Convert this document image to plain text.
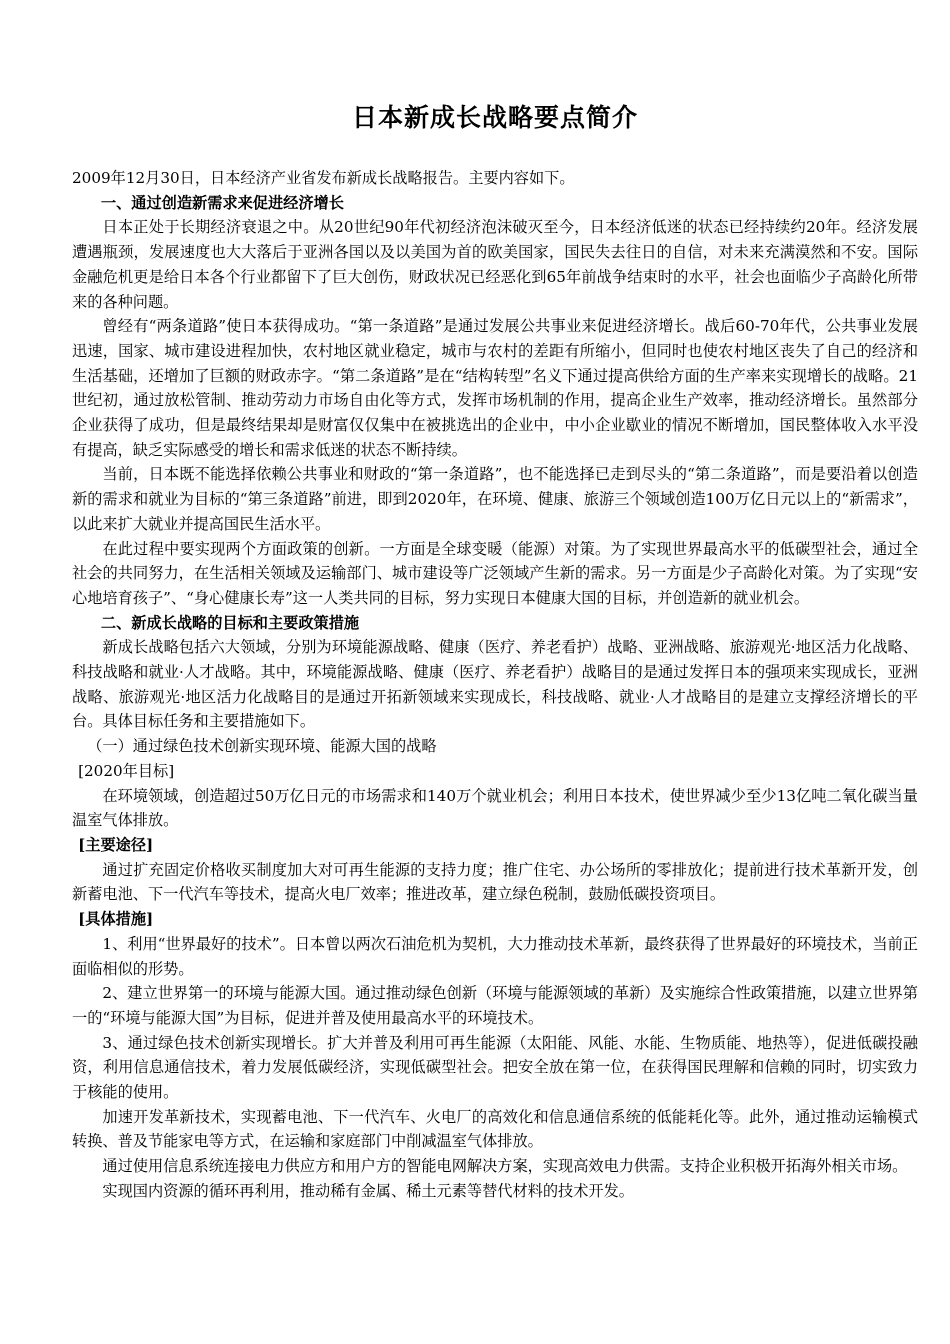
日本新成长战略要点简介

2009年12月30日，日本经济产业省发布新成长战略报告。主要内容如下。

一、通过创造新需求来促进经济增长

日本正处于长期经济衰退之中。从20世纪90年代初经济泡沫破灭至今，日本经济低迷的状态已经持续约20年。经济发展遭遇瓶颈，发展速度也大大落后于亚洲各国以及以美国为首的欧美国家，国民失去往日的自信，对未来充满漠然和不安。国际金融危机更是给日本各个行业都留下了巨大创伤，财政状况已经恶化到65年前战争结束时的水平，社会也面临少子高龄化所带来的各种问题。

曾经有“两条道路”使日本获得成功。“第一条道路”是通过发展公共事业来促进经济增长。战后60-70年代，公共事业发展迅速，国家、城市建设进程加快，农村地区就业稳定，城市与农村的差距有所缩小，但同时也使农村地区丧失了自己的经济和生活基础，还增加了巨额的财政赤字。“第二条道路”是在“结构转型”名义下通过提高供给方面的生产率来实现增长的战略。21世纪初，通过放松管制、推动劳动力市场自由化等方式，发挥市场机制的作用，提高企业生产效率，推动经济增长。虽然部分企业获得了成功，但是最终结果却是财富仅仅集中在被挑选出的企业中，中小企业歇业的情况不断增加，国民整体收入水平没有提高，缺乏实际感受的增长和需求低迷的状态不断持续。

当前，日本既不能选择依赖公共事业和财政的“第一条道路”，也不能选择已走到尽头的“第二条道路”，而是要沿着以创造新的需求和就业为目标的“第三条道路”前进，即到2020年，在环境、健康、旅游三个领域创造100万亿日元以上的“新需求”，以此来扩大就业并提高国民生活水平。

在此过程中要实现两个方面政策的创新。一方面是全球变暖（能源）对策。为了实现世界最高水平的低碳型社会，通过全社会的共同努力，在生活相关领域及运输部门、城市建设等广泛领域产生新的需求。另一方面是少子高龄化对策。为了实现“安心地培育孩子”、“身心健康长寿”这一人类共同的目标，努力实现日本健康大国的目标，并创造新的就业机会。

二、新成长战略的目标和主要政策措施

新成长战略包括六大领域，分别为环境能源战略、健康（医疗、养老看护）战略、亚洲战略、旅游观光·地区活力化战略、科技战略和就业·人才战略。其中，环境能源战略、健康（医疗、养老看护）战略目的是通过发挥日本的强项来实现成长，亚洲战略、旅游观光·地区活力化战略目的是通过开拓新领域来实现成长，科技战略、就业·人才战略目的是建立支撑经济增长的平台。具体目标任务和主要措施如下。

（一）通过绿色技术创新实现环境、能源大国的战略

[2020年目标]

在环境领域，创造超过50万亿日元的市场需求和140万个就业机会；利用日本技术，使世界减少至少13亿吨二氧化碳当量温室气体排放。

[主要途径]

通过扩充固定价格收买制度加大对可再生能源的支持力度；推广住宅、办公场所的零排放化；提前进行技术革新开发，创新蓄电池、下一代汽车等技术，提高火电厂效率；推进改革，建立绿色税制，鼓励低碳投资项目。

[具体措施]

1、利用“世界最好的技术”。日本曾以两次石油危机为契机，大力推动技术革新，最终获得了世界最好的环境技术，当前正面临相似的形势。

2、建立世界第一的环境与能源大国。通过推动绿色创新（环境与能源领域的革新）及实施综合性政策措施，以建立世界第一的“环境与能源大国”为目标，促进并普及使用最高水平的环境技术。

3、通过绿色技术创新实现增长。扩大并普及利用可再生能源（太阳能、风能、水能、生物质能、地热等），促进低碳投融资，利用信息通信技术，着力发展低碳经济，实现低碳型社会。把安全放在第一位，在获得国民理解和信赖的同时，切实致力于核能的使用。

加速开发革新技术，实现蓄电池、下一代汽车、火电厂的高效化和信息通信系统的低能耗化等。此外，通过推动运输模式转换、普及节能家电等方式，在运输和家庭部门中削减温室气体排放。

通过使用信息系统连接电力供应方和用户方的智能电网解决方案，实现高效电力供需。支持企业积极开拓海外相关市场。

实现国内资源的循环再利用，推动稀有金属、稀土元素等替代材料的技术开发。
